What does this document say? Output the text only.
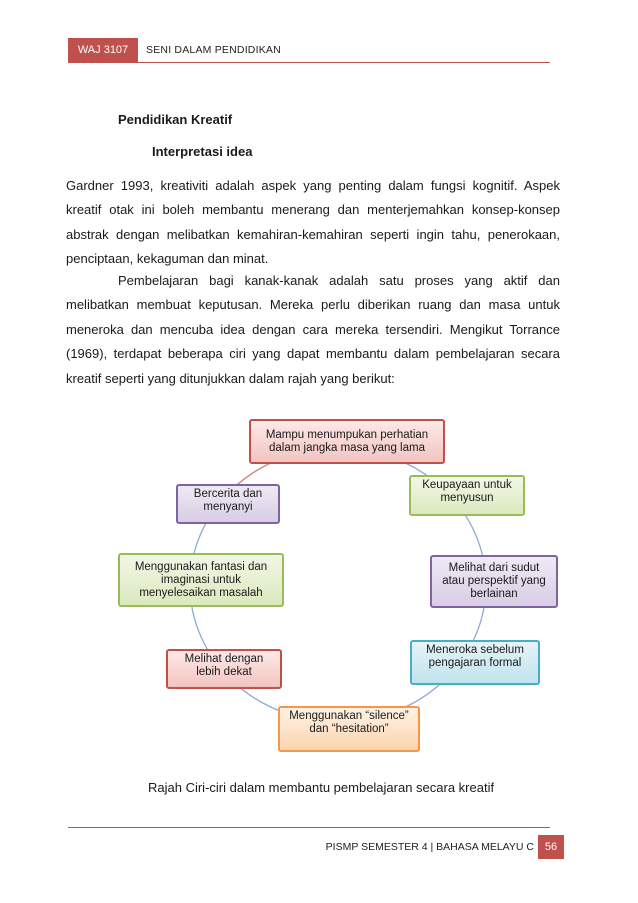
WAJ 3107	SENI DALAM PENDIDIKAN
Pendidikan Kreatif
Interpretasi idea

Gardner 1993, kreativiti adalah aspek yang penting dalam fungsi kognitif. Aspek kreatif otak ini boleh membantu menerang dan menterjemahkan konsep-konsep abstrak dengan melibatkan kemahiran-kemahiran seperti ingin tahu, penerokaan, penciptaan, kekaguman dan minat.

Pembelajaran bagi kanak-kanak adalah satu proses yang aktif dan melibatkan membuat keputusan. Mereka perlu diberikan ruang dan masa untuk meneroka dan mencuba idea dengan cara mereka tersendiri. Mengikut Torrance (1969), terdapat beberapa ciri yang dapat membantu dalam pembelajaran secara kreatif seperti yang ditunjukkan dalam rajah yang berikut:

Mampu menumpukan perhatian dalam jangka masa yang lama
Keupayaan untuk menyusun
Melihat dari sudut atau perspektif yang berlainan
Meneroka sebelum pengajaran formal
Menggunakan “silence” dan “hesitation”
Melihat dengan lebih dekat
Menggunakan fantasi dan imaginasi untuk menyelesaikan masalah
Bercerita dan menyanyi
Rajah Ciri-ciri dalam membantu pembelajaran secara kreatif
PISMP SEMESTER 4 | BAHASA MELAYU C 56
